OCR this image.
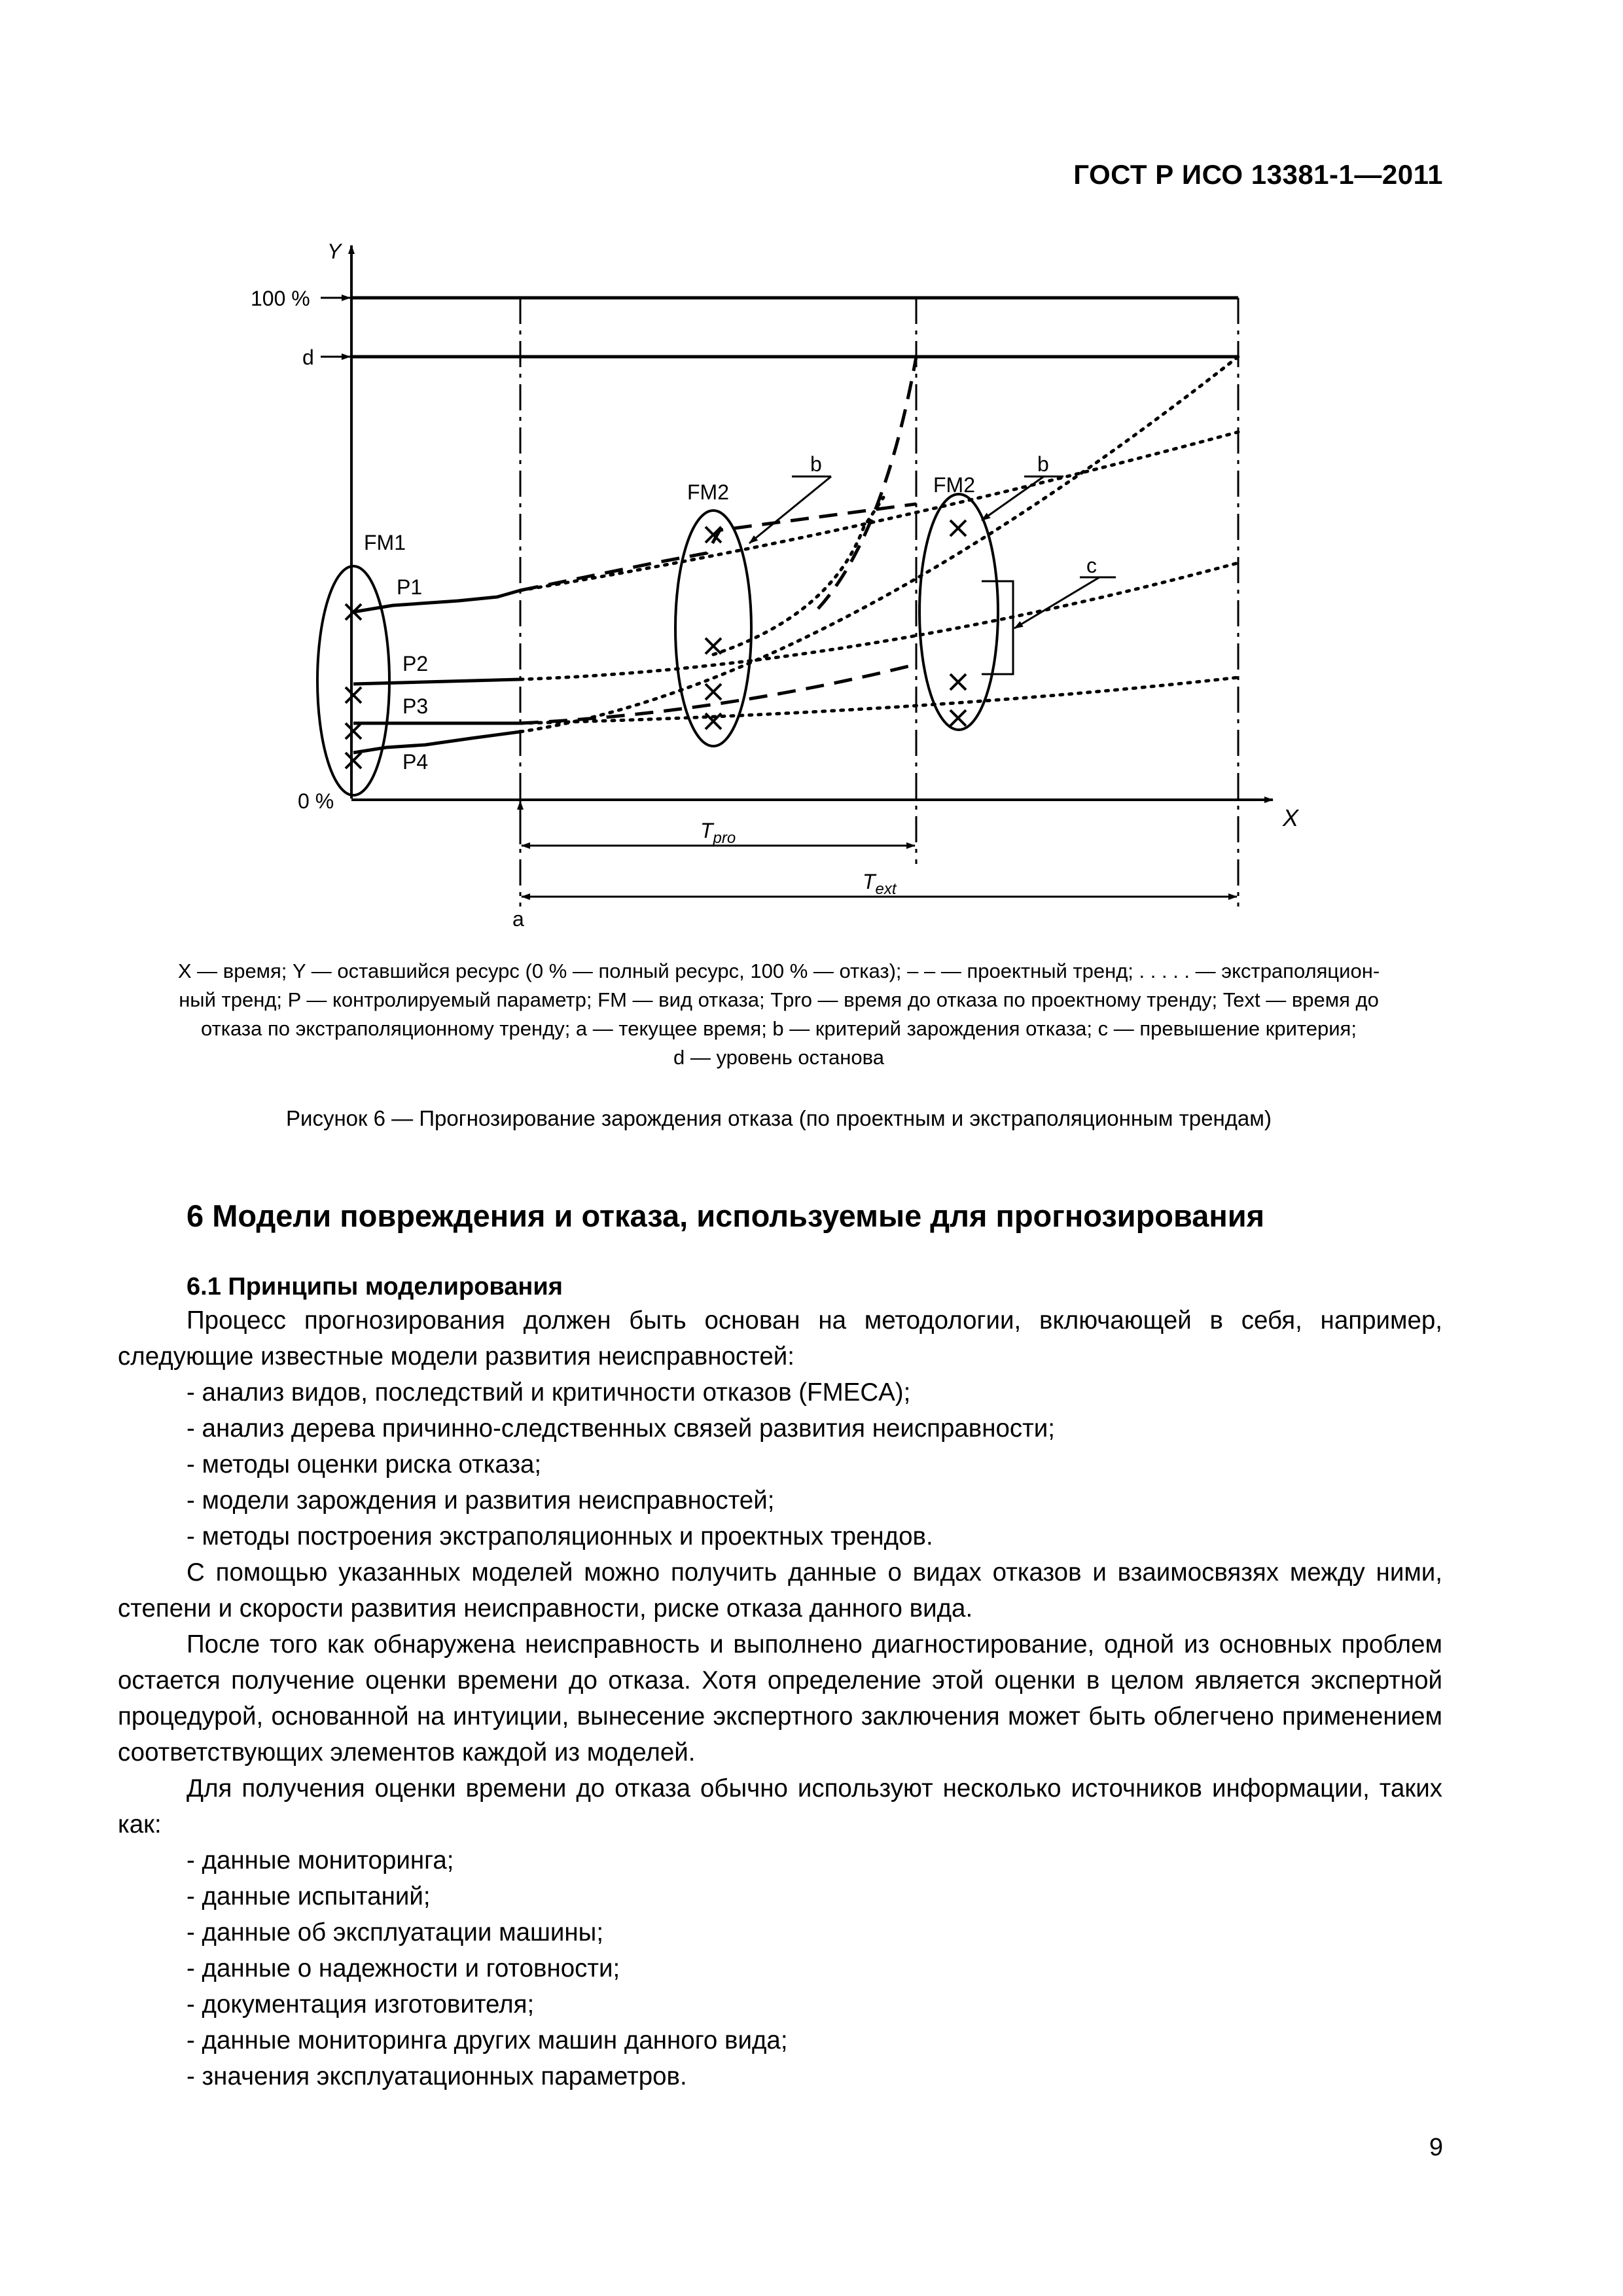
ГОСТ Р ИСО 13381-1—2011
Y
X
100 %
d
0 %
FM1
FM2	FM2
P1
P2
P3
P4
b	b
c
a
$T_{pro}$
$T_{ext}$
X — время; Y — оставшийся ресурс (0 % — полный ресурс, 100 % — отказ); – – — проектный тренд; . . . . . — экстраполяцион-
ный тренд; P — контролируемый параметр; FM — вид отказа; Tpro — время до отказа по проектному тренду; Text — время до
отказа по экстраполяционному тренду; a — текущее время; b — критерий зарождения отказа; c — превышение критерия;
d — уровень останова
Рисунок 6 — Прогнозирование зарождения отказа (по проектным и экстраполяционным трендам)
6 Модели повреждения и отказа, используемые для прогнозирования
6.1 Принципы моделирования

Процесс прогнозирования должен быть основан на методологии, включающей в себя, например, следующие известные модели развития неисправностей:

- анализ видов, последствий и критичности отказов (FMECA);
- анализ дерева причинно-следственных связей развития неисправности;
- методы оценки риска отказа;
- модели зарождения и развития неисправностей;
- методы построения экстраполяционных и проектных трендов.

С помощью указанных моделей можно получить данные о видах отказов и взаимосвязях между ними, степени и скорости развития неисправности, риске отказа данного вида.

После того как обнаружена неисправность и выполнено диагностирование, одной из основных проблем остается получение оценки времени до отказа. Хотя определение этой оценки в целом является экспертной процедурой, основанной на интуиции, вынесение экспертного заключения может быть облегчено применением соответствующих элементов каждой из моделей.

Для получения оценки времени до отказа обычно используют несколько источников информации, таких как:

- данные мониторинга;
- данные испытаний;
- данные об эксплуатации машины;
- данные о надежности и готовности;
- документация изготовителя;
- данные мониторинга других машин данного вида;
- значения эксплуатационных параметров.
9
